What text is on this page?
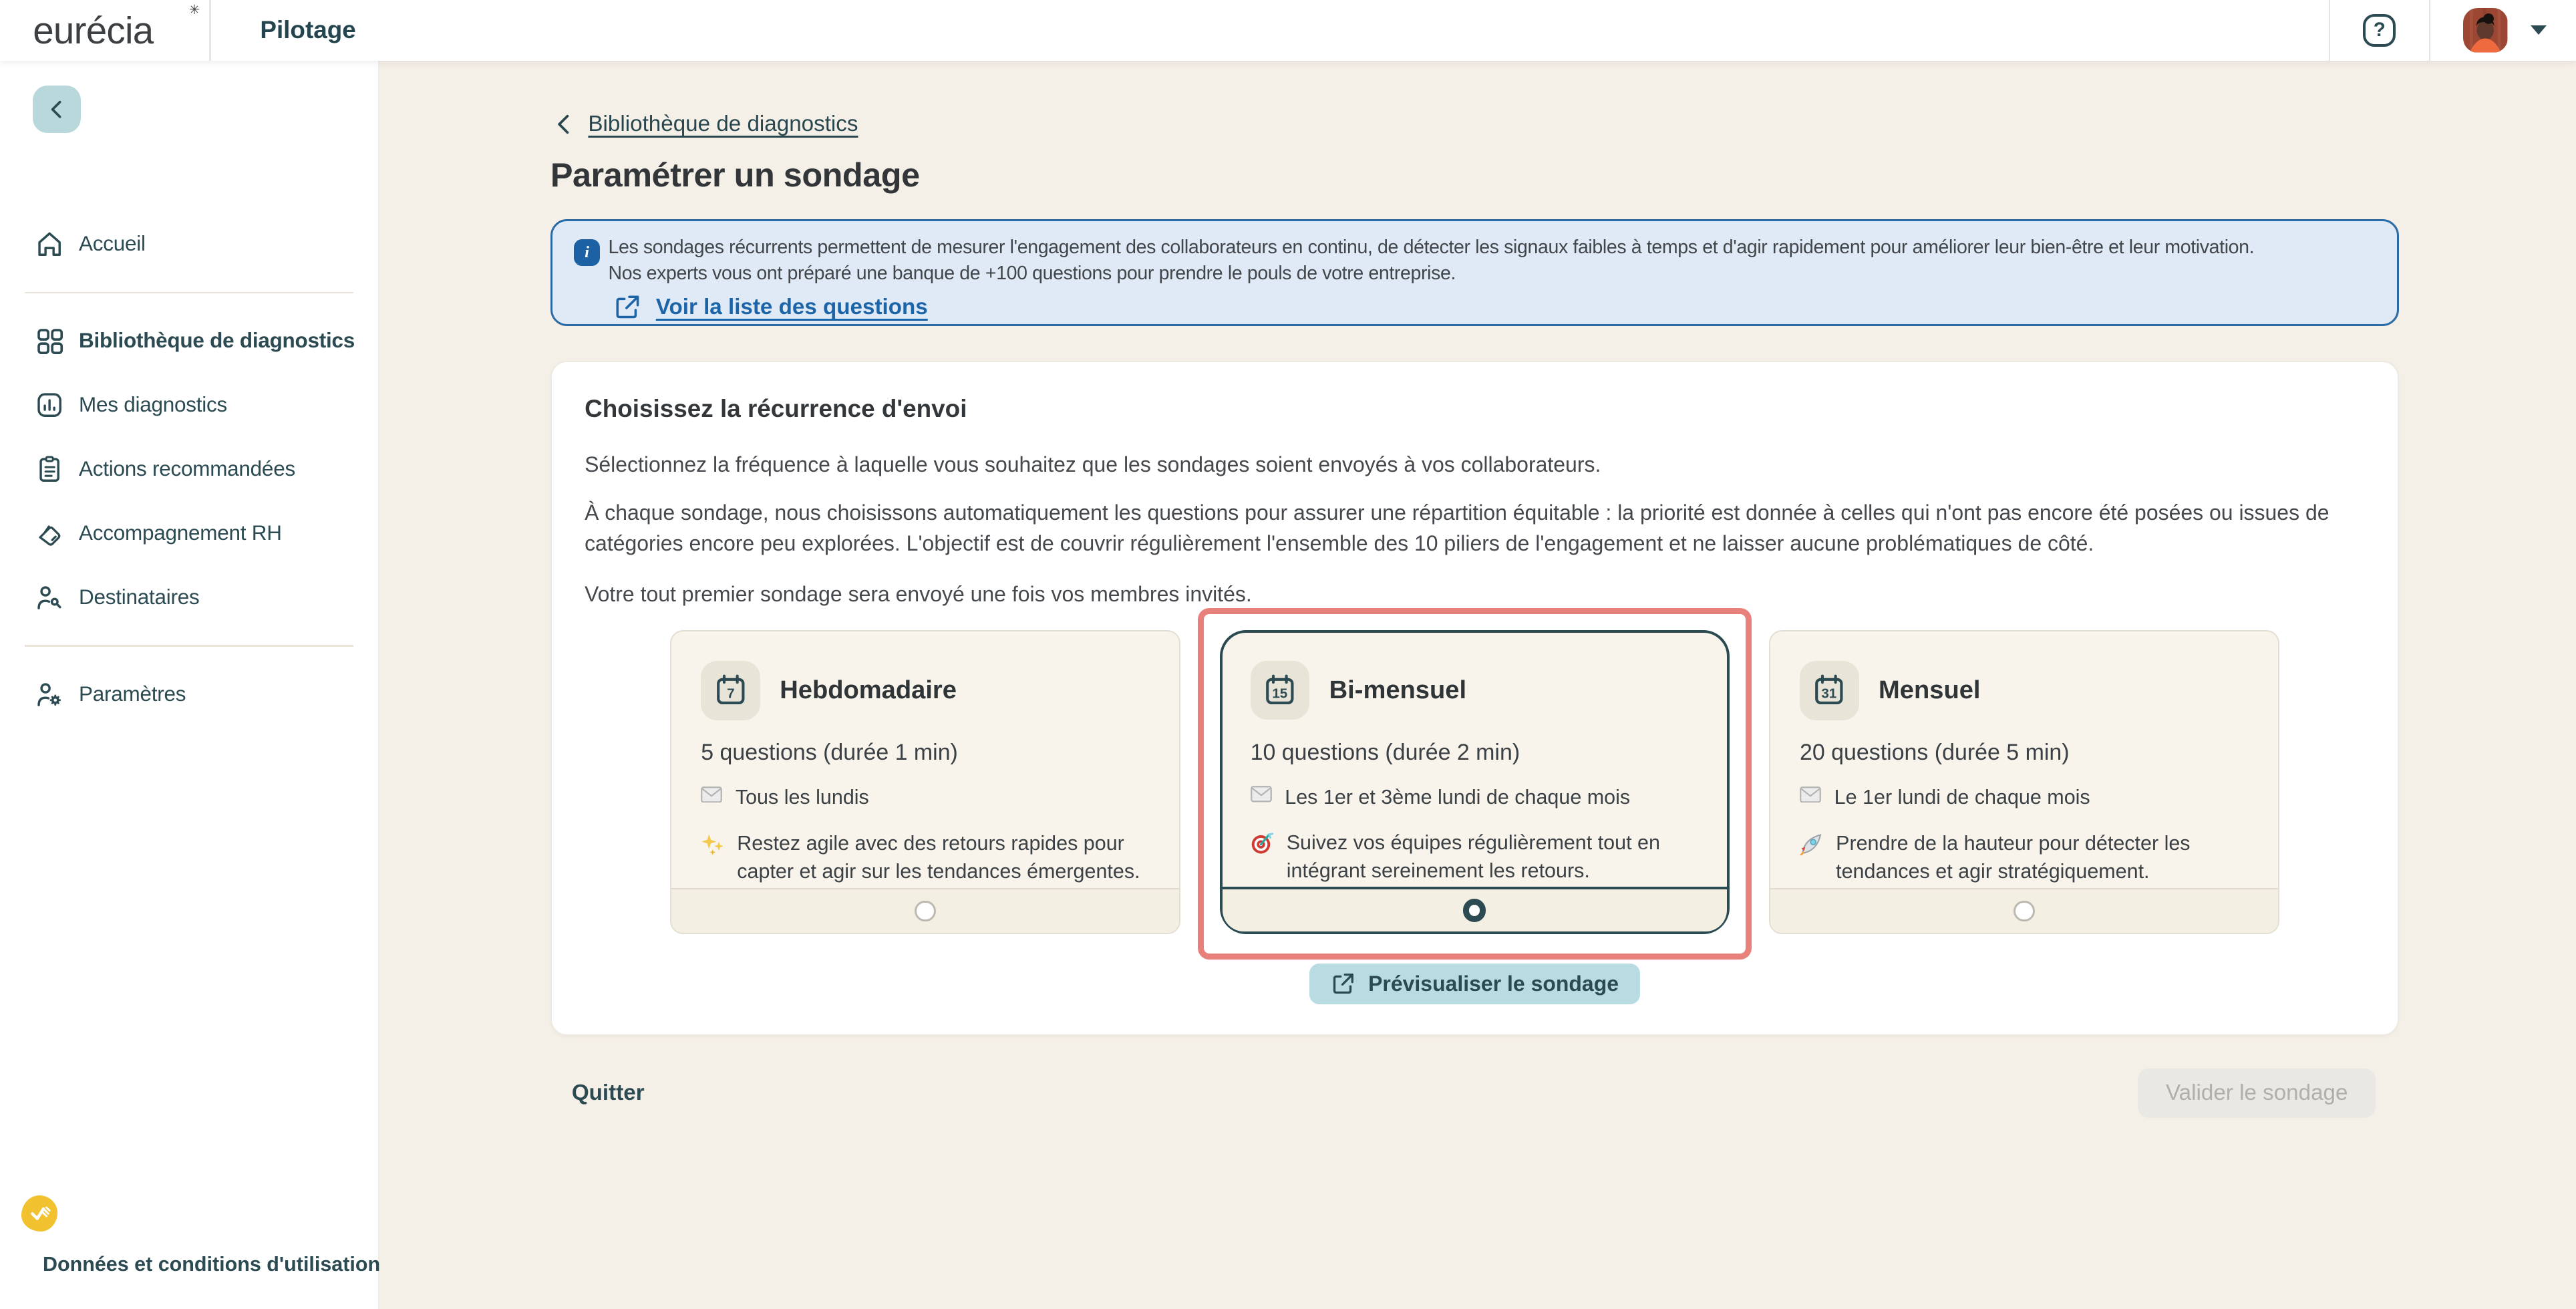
eurécia	✳
Pilotage	?
Accueil
Bibliothèque de diagnostics
Mes diagnostics
Actions recommandées
Accompagnement RH
Destinataires
Paramètres
Données et conditions d'utilisation
Bibliothèque de diagnostics
Paramétrer un sondage
i	Les sondages récurrents permettent de mesurer l'engagement des collaborateurs en continu, de détecter les signaux faibles à temps et d'agir rapidement pour améliorer leur bien-être et leur motivation.
Nos experts vous ont préparé une banque de +100 questions pour prendre le pouls de votre entreprise.
Voir la liste des questions
Choisissez la récurrence d'envoi

Sélectionnez la fréquence à laquelle vous souhaitez que les sondages soient envoyés à vos collaborateurs.

À chaque sondage, nous choisissons automatiquement les questions pour assurer une répartition équitable : la priorité est donnée à celles qui n'ont pas encore été posées ou issues de catégories encore peu explorées. L'objectif est de couvrir régulièrement l'ensemble des 10 piliers de l'engagement et ne laisser aucune problématiques de côté.

Votre tout premier sondage sera envoyé une fois vos membres invités.

7	Hebdomadaire
5 questions (durée 1 min)
Tous les lundis
Restez agile avec des retours rapides pour capter et agir sur les tendances émergentes.
15	Bi-mensuel
10 questions (durée 2 min)
Les 1er et 3ème lundi de chaque mois
Suivez vos équipes régulièrement tout en intégrant sereinement les retours.
31	Mensuel
20 questions (durée 5 min)
Le 1er lundi de chaque mois
Prendre de la hauteur pour détecter les tendances et agir stratégiquement.
Prévisualiser le sondage
Quitter	Valider le sondage
